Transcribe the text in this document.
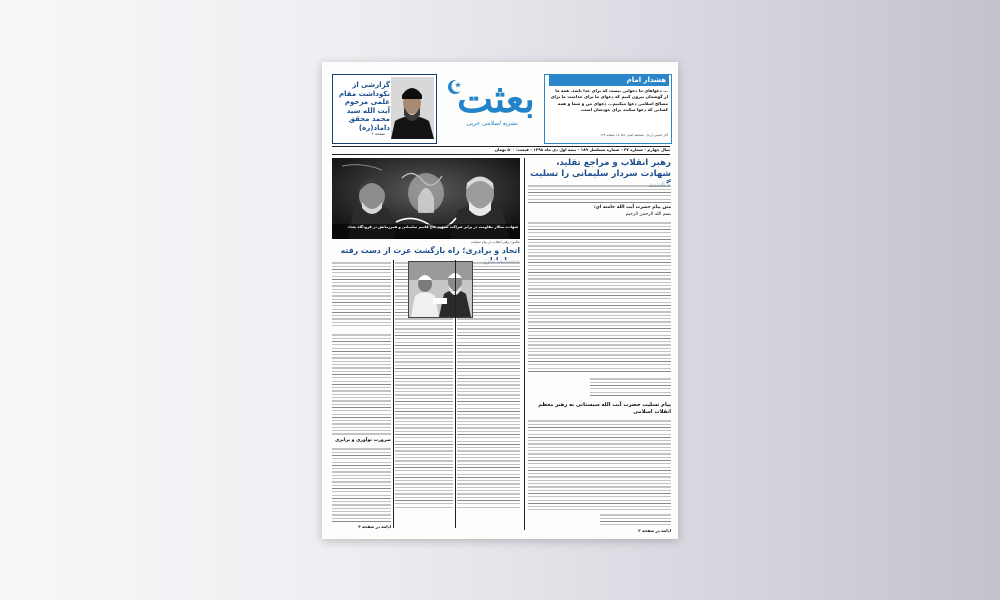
گزارشی از نکوداشت مقام علمی مرحوم آیت الله سید محمد محقق داماد(ره)
صفحه ۲
بعثت
نشریه اسلامی عربی
هشدار امام
... دعواهای ما دعوایی نیست که برای خدا باشد. همه ما از گوشمان بیرون کنیم که دعوای ما برای خداست ما برای مصالح اسلامی دعوا میکنیم... دعوای من و شما و همه کسانی که دعوا میکنند برای خودشان است.
آثار خمینی (ره) - صحیفه امام، جلد ۱۸ صفحه ۱۲۳
سال چهارم - شماره ۴۷ - شماره مسلسل ۱۸۹ - نیمه اول دی ماه ۱۳۹۸ - قیمت: ۵۰۰ تومان
رهبر انقلاب و مراجع تقلید، شهادت سردار سلیمانی را تسلیت
متن پیام حضرت آیت الله خامنه ای:
بسم الله الرحمن الرحیم
پیام تسلیت حضرت آیت الله سیستانی به رهبر معظم انقلاب اسلامی
ادامه در صفحه ۲
شهادت سالار مقاومت در برابر شراکت سپهبد حاج قاسم سلیمانی و همرزمانش در فرودگاه بغداد
عکس: رهبر انقلاب در پیام تسلیت
اتحاد و برادری؛ راه بازگشت عزت از دست رفته
ضرورت نوآوری و برابری
ادامه در صفحه ۴
